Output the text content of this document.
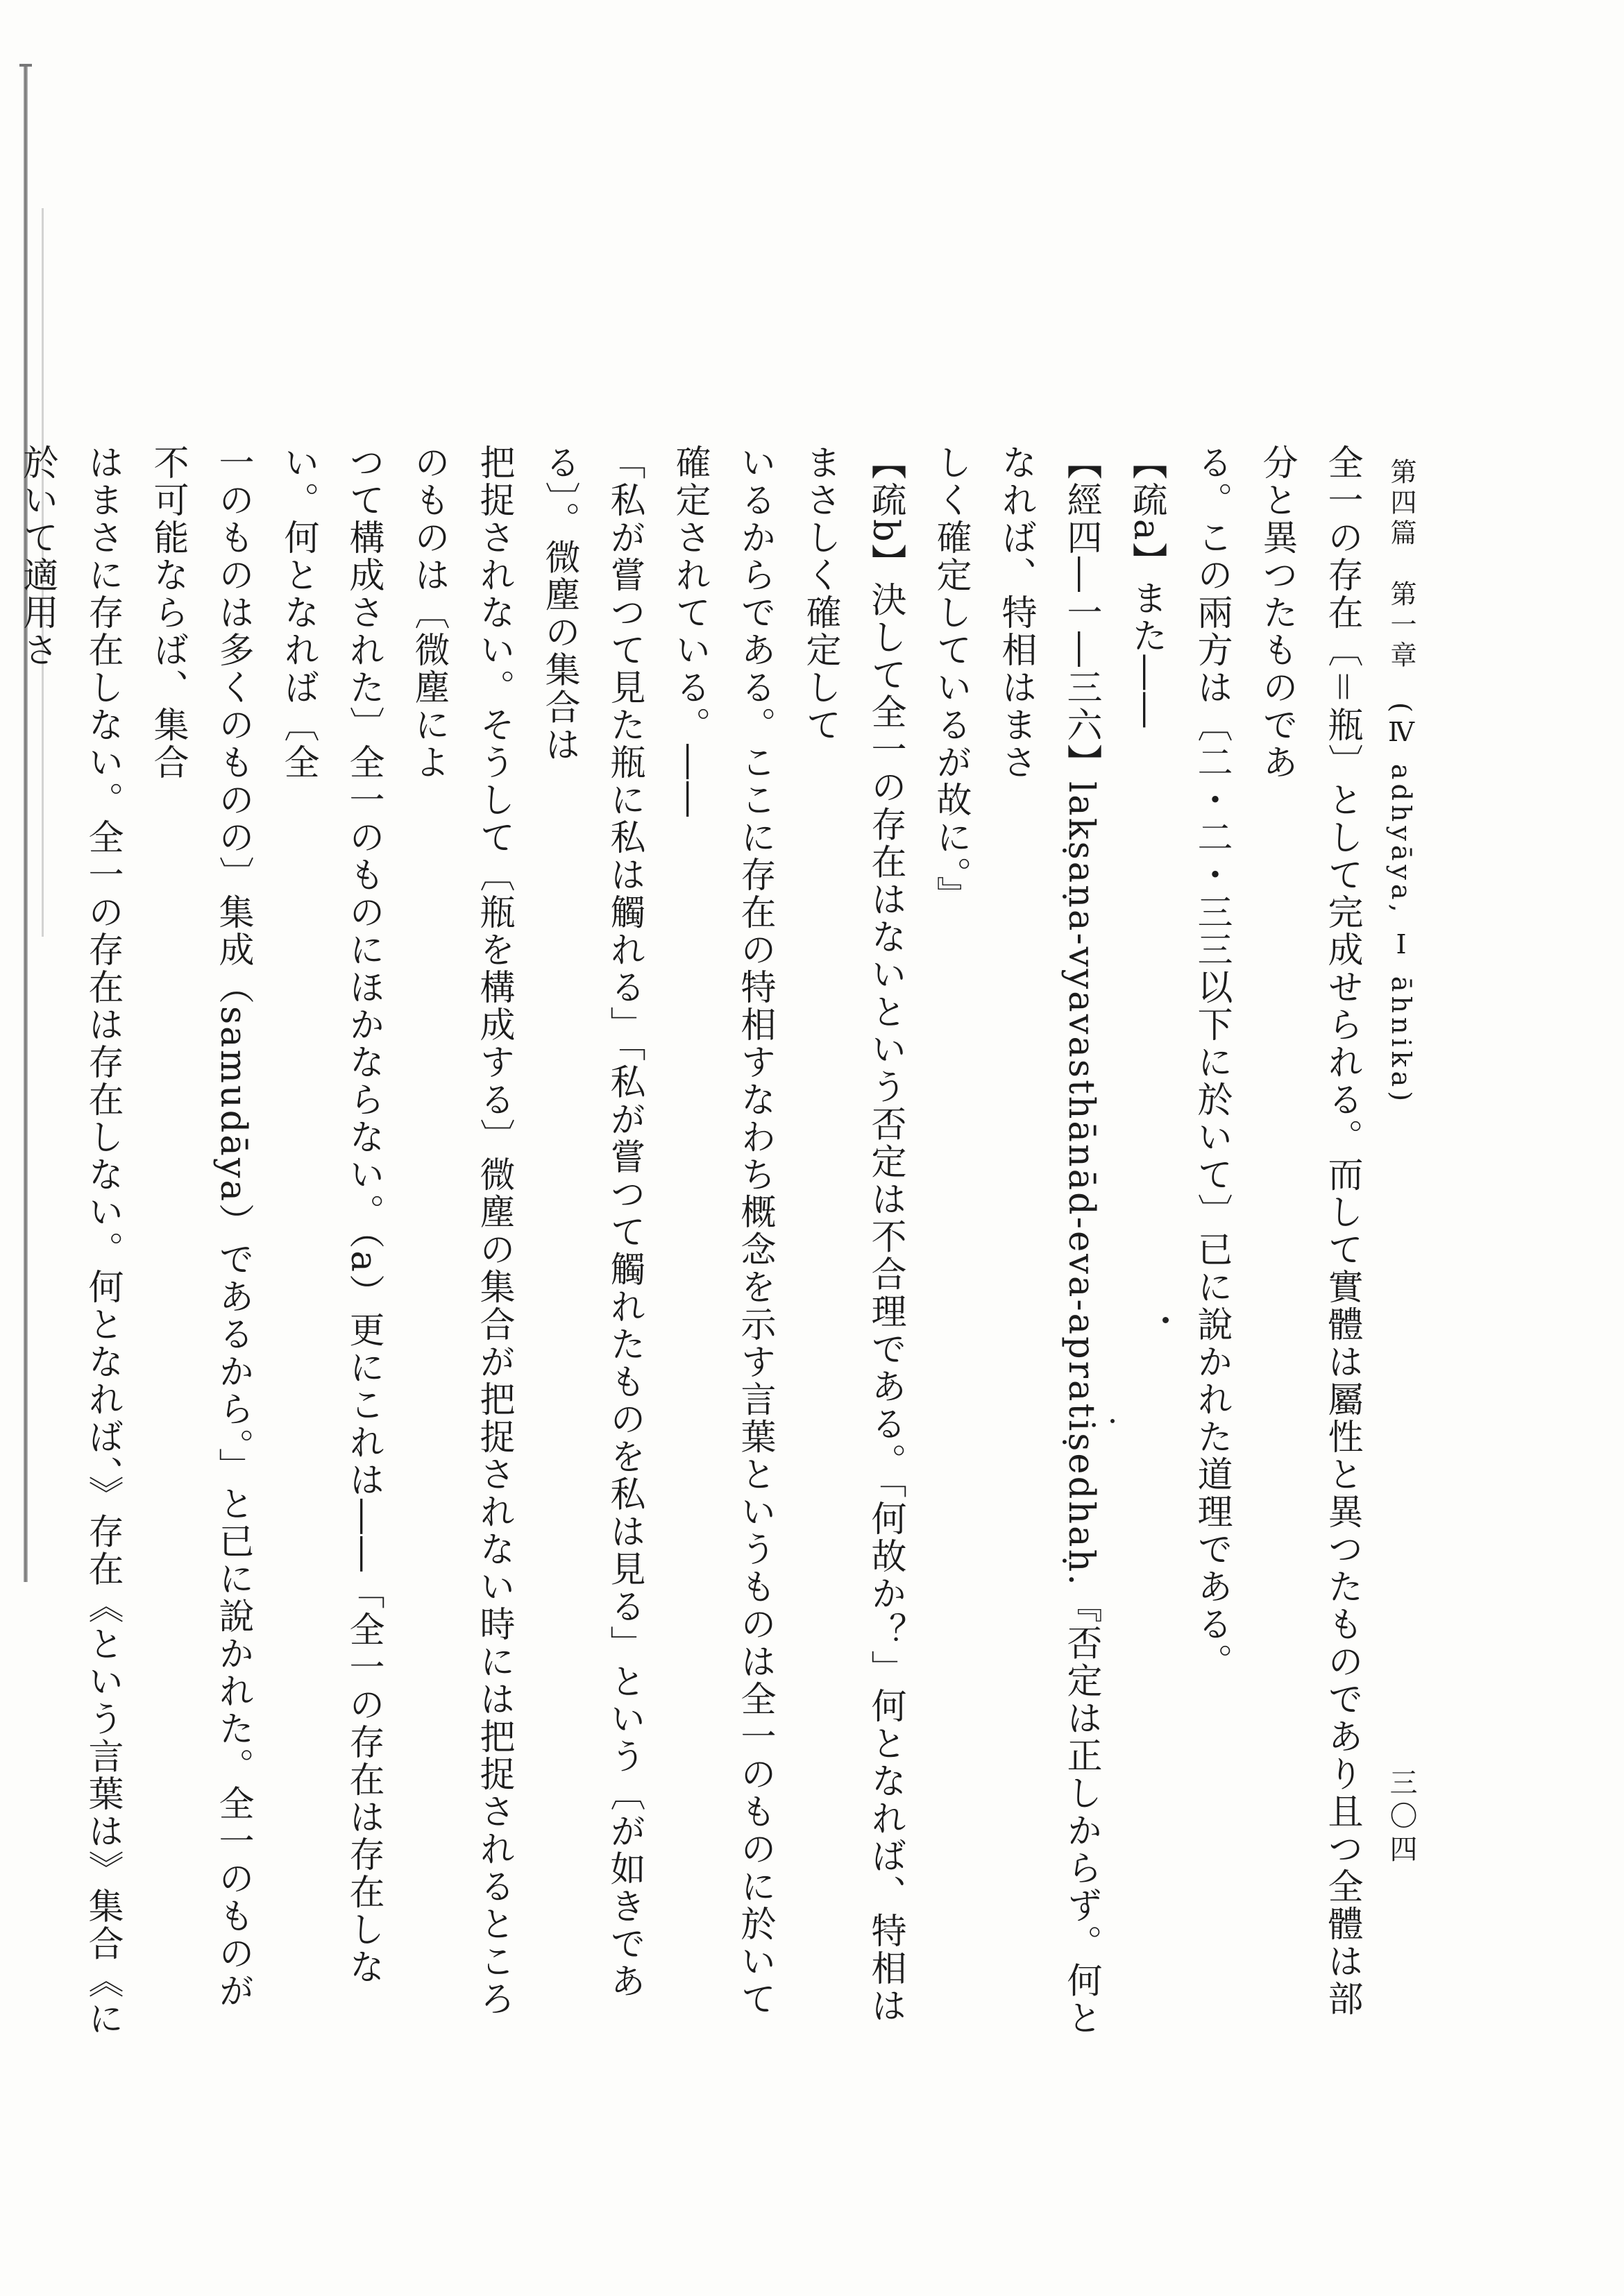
第四篇　第一章　(Ⅳ adhyāya, Ⅰ āhnika)
三〇四

全一の存在〔＝瓶〕として完成せられる。而して實體は屬性と異つたものであり且つ全體は部分と異つたものであ

る。この兩方は〔二・二・三三以下に於いて〕已に說かれた道理である。

【疏a】また――

【經四―一―三六】lakṣaṇa-vyavasthānād-eva-apratiṣedhaḥ.『否定は正しからず。何となれば、特相はまさ

しく確定しているが故に。』

【疏b】決して全一の存在はないという否定は不合理である。「何故か？」何となれば、特相はまさしく確定して

いるからである。ここに存在の特相すなわち概念を示す言葉というものは全一のものに於いて確定されている。――

「私が嘗つて見た瓶に私は觸れる」「私が嘗つて觸れたものを私は見る」という〔が如きである〕。微塵の集合は

把捉されない。そうして〔瓶を構成する〕微塵の集合が把捉されない時には把捉されるところのものは〔微塵によ

つて構成された〕全一のものにほかならない。（a）更にこれは――「全一の存在は存在しない。何となれば〔全

一のものは多くのものの〕集成（samudāya）であるから。」と已に說かれた。全一のものが不可能ならば、集合

はまさに存在しない。全一の存在は存在しない。何となれば、》存在《という言葉は》集合《に於いて適用さ
